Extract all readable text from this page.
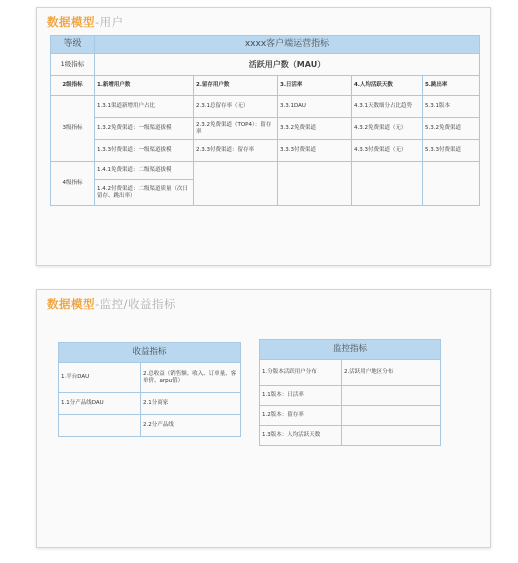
数据模型-用户
等级	xxxx客户端运营指标				
1级指标	活跃用户数（MAU）				
2级指标	1.新增用户数	2.留存用户数	3.日活率	4.人均活跃天数	5.跳出率
3级指标	1.3.1渠道新增用户占比	2.3.1总留存率（无）	3.3.1DAU	4.3.1天数细分占比趋势	5.3.1版本
	1.3.2免费渠道：一级渠道拔模	2.3.2免费渠道（TOP4）：留存率	3.3.2免费渠道	4.3.2免费渠道（无）	5.3.2免费渠道
	1.3.3付费渠道：一级渠道拔模	2.3.3付费渠道：留存率	3.3.3付费渠道	4.3.3付费渠道（无）	5.3.3付费渠道
4级指标	1.4.1免费渠道：二级渠道拔模				
	1.4.2付费渠道：二级渠道质量（次日留存、跳出率）				
数据模型-监控/收益指标
收益指标	
1.平台DAU	2.总收益（销售额、收入、订单量、客单价、arpu值）
1.1分产品线DAU	2.1分商家
	2.2分产品线
监控指标	
1.分版本活跃用户分布	2.活跃用户地区分布
1.1版本：日活率	
1.2版本：留存率	
1.3版本：人均活跃天数	
